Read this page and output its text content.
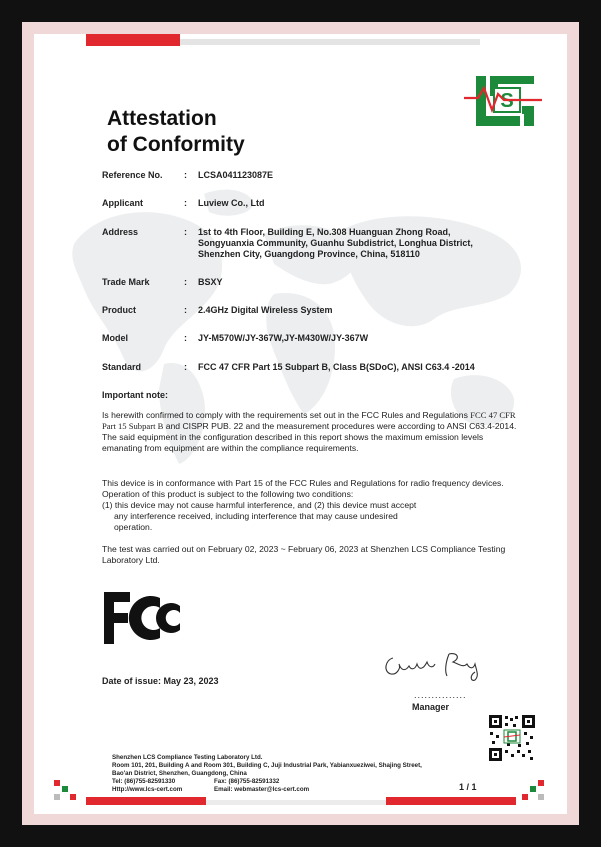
Attestation
of Conformity
S
Reference No.	: LCSA041123087E
Applicant	: Luview Co., Ltd
Address	: 1st to 4th Floor, Building E, No.308 Huanguan Zhong Road, Songyuanxia Community, Guanhu Subdistrict, Longhua District, Shenzhen City, Guangdong Province, China, 518110
Trade Mark	: BSXY
Product	: 2.4GHz Digital Wireless System
Model	: JY-M570W/JY-367W,JY-M430W/JY-367W
Standard	: FCC 47 CFR Part 15 Subpart B, Class B(SDoC), ANSI C63.4 -2014
Important note:
Is herewith confirmed to comply with the requirements set out in the FCC Rules and Regulations FCC 47 CFR Part 15 Subpart B and CISPR PUB. 22 and the measurement procedures were according to ANSI C63.4-2014. The said equipment in the configuration described in this report shows the maximum emission levels emanating from equipment are within the compliance requirements.
This device is in conformance with Part 15 of the FCC Rules and Regulations for radio frequency devices. Operation of this product is subject to the following two conditions:
(1) this device may not cause harmful interference, and (2) this device must accept
any interference received, including interference that may cause undesired
operation.
The test was carried out on February 02, 2023 ~ February 06, 2023 at Shenzhen LCS Compliance Testing Laboratory Ltd.
Date of issue: May 23, 2023
...............
Manager
Shenzhen LCS Compliance Testing Laboratory Ltd.
Room 101, 201, Building A and Room 301, Building C, Juji Industrial Park, Yabianxueziwei, Shajing Street,
Bao'an District, Shenzhen, Guangdong, China
Tel: (86)755-82591330	Fax: (86)755-82591332
Http://www.lcs-cert.com	Email: webmaster@lcs-cert.com	1 / 1
